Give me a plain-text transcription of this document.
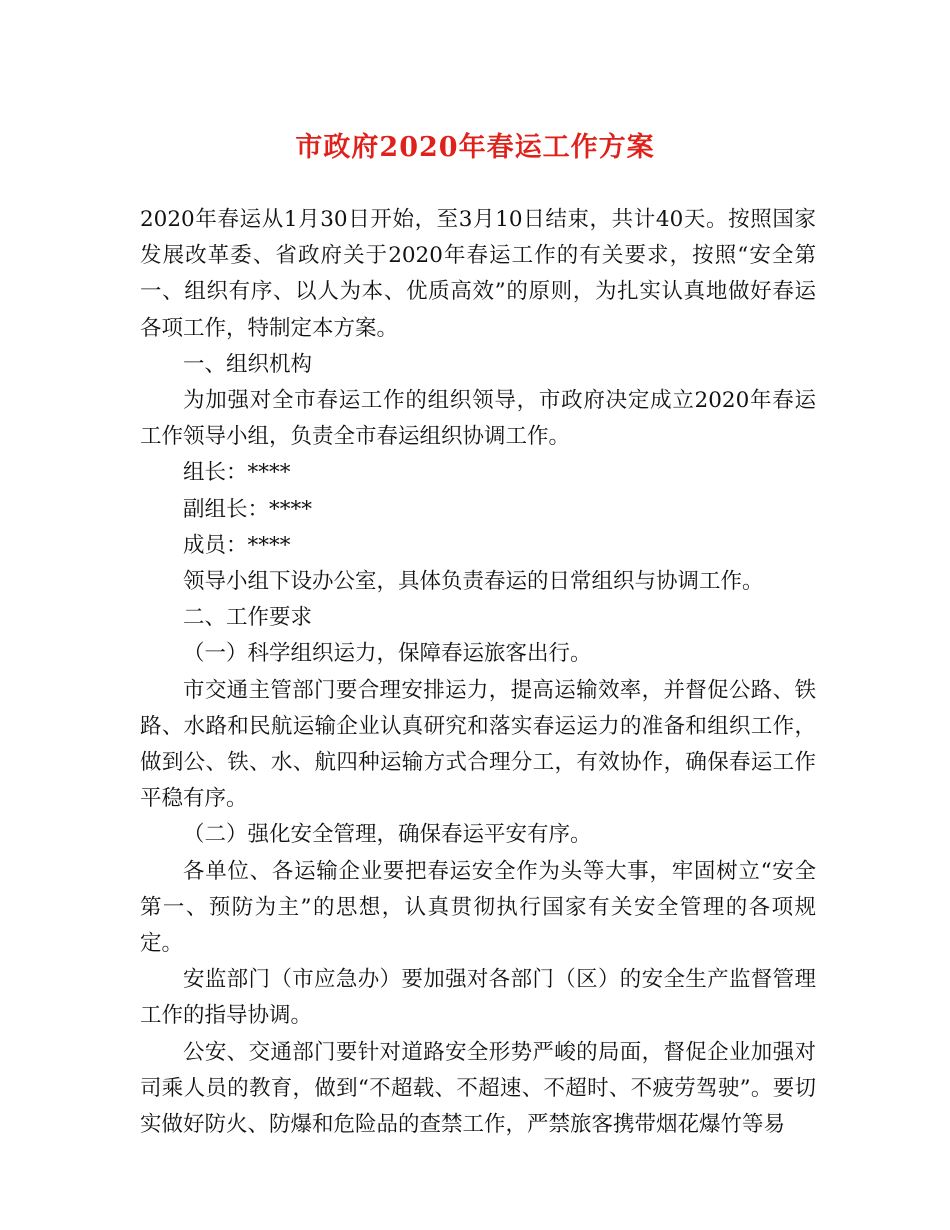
市政府2020年春运工作方案

2020年春运从1月30日开始，至3月10日结束，共计40天。按照国家发展改革委、省政府关于2020年春运工作的有关要求，按照“安全第一、组织有序、以人为本、优质高效”的原则，为扎实认真地做好春运各项工作，特制定本方案。

一、组织机构

为加强对全市春运工作的组织领导，市政府决定成立2020年春运工作领导小组，负责全市春运组织协调工作。

组长：****

副组长：****

成员：****

领导小组下设办公室，具体负责春运的日常组织与协调工作。

二、工作要求

（一）科学组织运力，保障春运旅客出行。

市交通主管部门要合理安排运力，提高运输效率，并督促公路、铁路、水路和民航运输企业认真研究和落实春运运力的准备和组织工作，做到公、铁、水、航四种运输方式合理分工，有效协作，确保春运工作平稳有序。

（二）强化安全管理，确保春运平安有序。

各单位、各运输企业要把春运安全作为头等大事，牢固树立“安全第一、预防为主”的思想，认真贯彻执行国家有关安全管理的各项规定。

安监部门（市应急办）要加强对各部门（区）的安全生产监督管理工作的指导协调。

公安、交通部门要针对道路安全形势严峻的局面，督促企业加强对司乘人员的教育，做到“不超载、不超速、不超时、不疲劳驾驶”。要切实做好防火、防爆和危险品的查禁工作，严禁旅客携带烟花爆竹等易
